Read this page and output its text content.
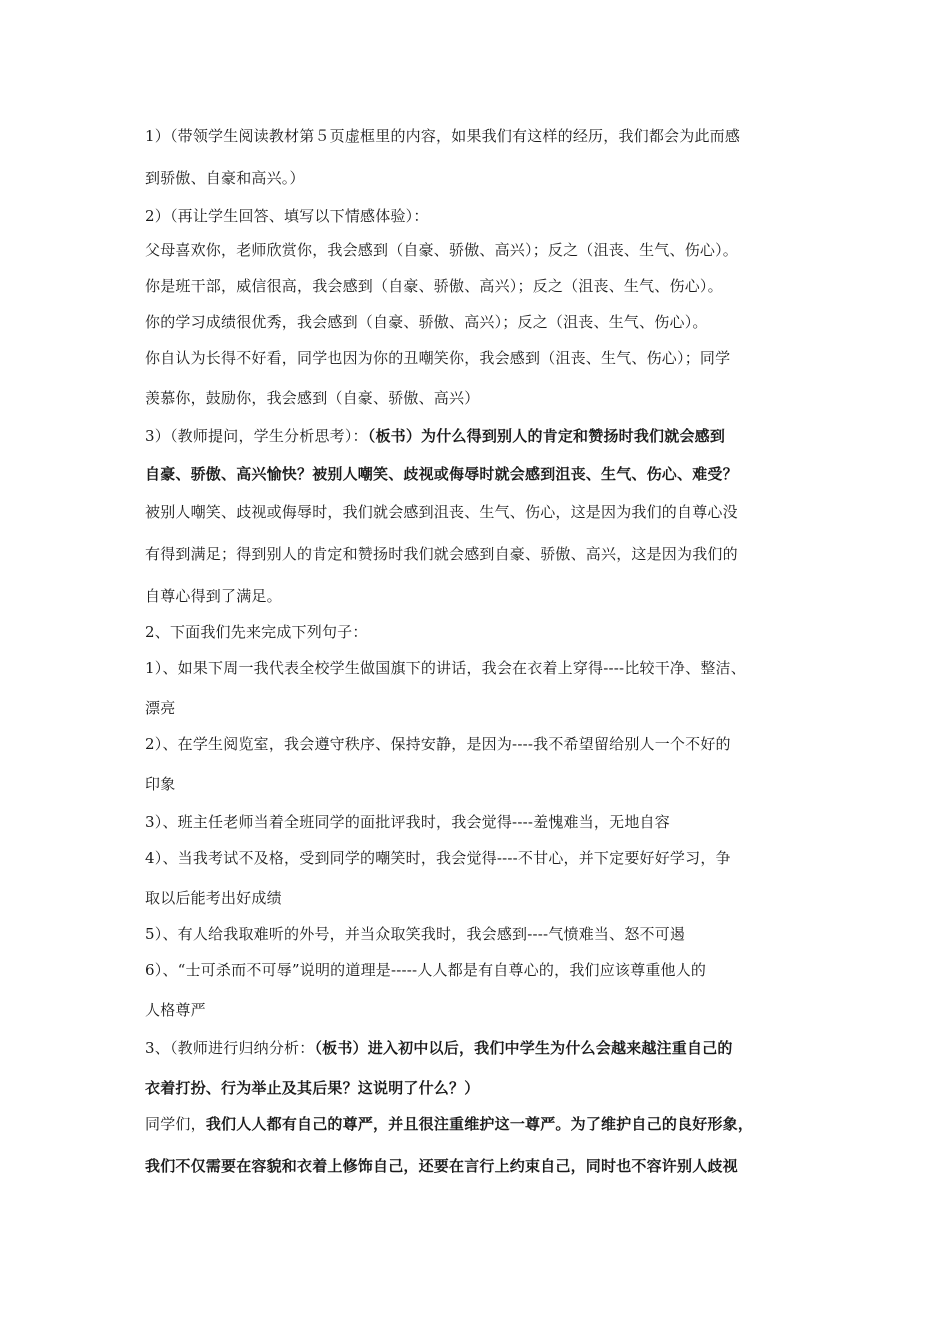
1）（带领学生阅读教材第５页虚框里的内容，如果我们有这样的经历，我们都会为此而感
到骄傲、自豪和高兴。）
2）（再让学生回答、填写以下情感体验）：
父母喜欢你，老师欣赏你，我会感到（自豪、骄傲、高兴）；反之（沮丧、生气、伤心）。
你是班干部，威信很高，我会感到（自豪、骄傲、高兴）；反之（沮丧、生气、伤心）。
你的学习成绩很优秀，我会感到（自豪、骄傲、高兴）；反之（沮丧、生气、伤心）。
你自认为长得不好看，同学也因为你的丑嘲笑你，我会感到（沮丧、生气、伤心）；同学
羡慕你，鼓励你，我会感到（自豪、骄傲、高兴）
3）（教师提问，学生分析思考）：（板书）为什么得到别人的肯定和赞扬时我们就会感到
自豪、骄傲、高兴愉快？被别人嘲笑、歧视或侮辱时就会感到沮丧、生气、伤心、难受？
被别人嘲笑、歧视或侮辱时，我们就会感到沮丧、生气、伤心，这是因为我们的自尊心没
有得到满足；得到别人的肯定和赞扬时我们就会感到自豪、骄傲、高兴，这是因为我们的
自尊心得到了满足。
2、下面我们先来完成下列句子：
1）、如果下周一我代表全校学生做国旗下的讲话，我会在衣着上穿得----比较干净、整洁、
漂亮
2）、在学生阅览室，我会遵守秩序、保持安静，是因为----我不希望留给别人一个不好的
印象
3）、班主任老师当着全班同学的面批评我时，我会觉得----羞愧难当，无地自容
4）、当我考试不及格，受到同学的嘲笑时，我会觉得----不甘心，并下定要好好学习，争
取以后能考出好成绩
5）、有人给我取难听的外号，并当众取笑我时，我会感到----气愤难当、怒不可遏
6）、“士可杀而不可辱”说明的道理是-----人人都是有自尊心的，我们应该尊重他人的
人格尊严
3、（教师进行归纳分析：（板书）进入初中以后，我们中学生为什么会越来越注重自己的
衣着打扮、行为举止及其后果？这说明了什么？）
同学们，我们人人都有自己的尊严，并且很注重维护这一尊严。为了维护自己的良好形象，
我们不仅需要在容貌和衣着上修饰自己，还要在言行上约束自己，同时也不容许别人歧视
